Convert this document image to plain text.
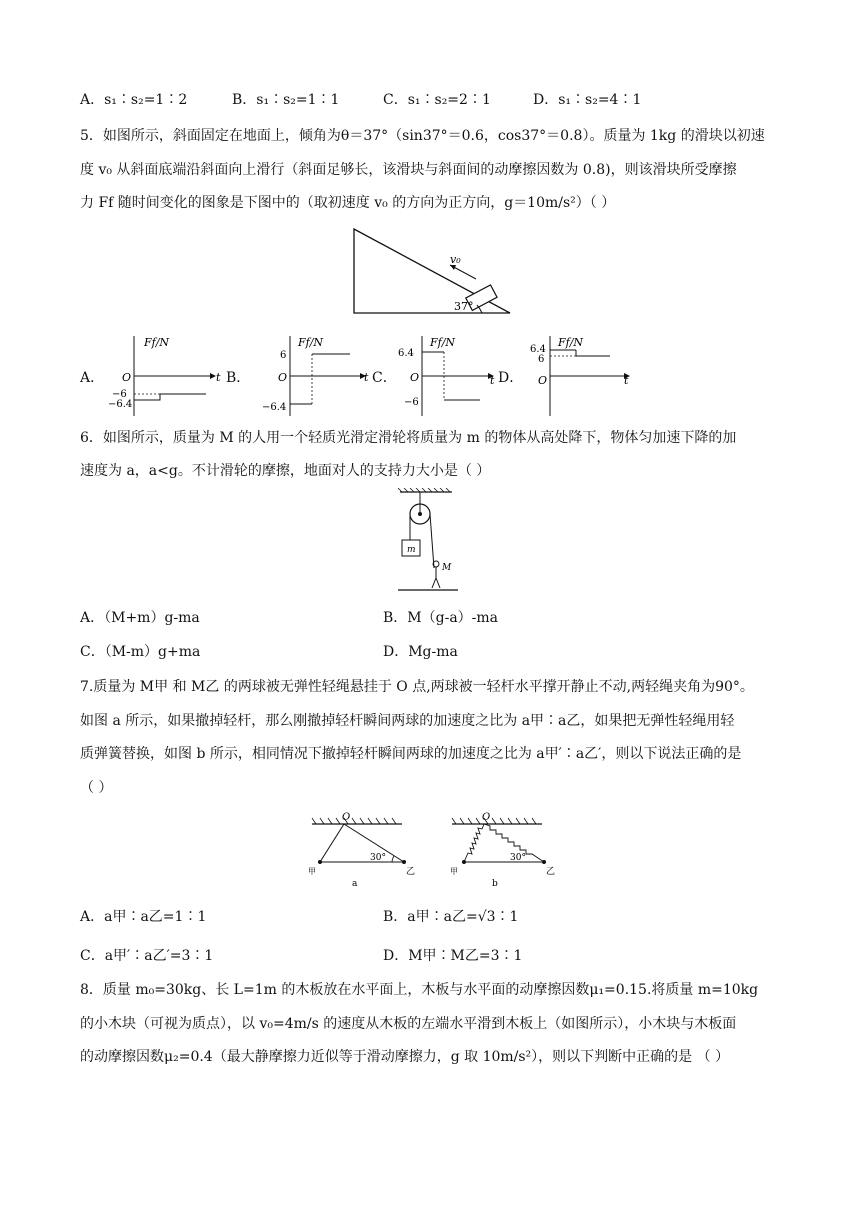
A．s₁∶s₂=1∶2	B．s₁∶s₂=1∶1	C．s₁∶s₂=2∶1	D．s₁∶s₂=4∶1
5．如图所示，斜面固定在地面上，倾角为θ＝37°（sin37°＝0.6，cos37°＝0.8）。质量为 1kg 的滑块以初速
度 v₀ 从斜面底端沿斜面向上滑行（斜面足够长，该滑块与斜面间的动摩擦因数为 0.8)，则该滑块所受摩擦
力 Ff 随时间变化的图象是下图中的（取初速度 v₀ 的方向为正方向，g＝10m/s²）（ ）
v₀
37°
A．
Ff/N
O	t
−6
−6.4
B．
Ff/N
O	t
6
−6.4
C．
Ff/N
O	t
6.4
−6
D．
Ff/N
O	t
6.4
6
6．如图所示，质量为 M 的人用一个轻质光滑定滑轮将质量为 m 的物体从高处降下，物体匀加速下降的加
速度为 a，a<g。不计滑轮的摩擦，地面对人的支持力大小是（ ）
m
M
A．（M+m）g-ma	B．M（g-a）-ma
C．（M-m）g+ma	D．Mg-ma
7.质量为 M甲 和 M乙 的两球被无弹性轻绳悬挂于 O 点,两球被一轻杆水平撑开静止不动,两轻绳夹角为90°。
如图 a 所示，如果撤掉轻杆，那么刚撤掉轻杆瞬间两球的加速度之比为 a甲∶a乙，如果把无弹性轻绳用轻
质弹簧替换，如图 b 所示，相同情况下撤掉轻杆瞬间两球的加速度之比为 a甲′∶a乙′，则以下说法正确的是
（ ）
O
30°
甲	乙
a
O
30°
甲	乙
b
A．a甲∶a乙=1∶1	B．a甲∶a乙=√3∶1
C．a甲′∶a乙′=3∶1	D．M甲∶M乙=3∶1
8．质量 m₀=30kg、长 L=1m 的木板放在水平面上，木板与水平面的动摩擦因数μ₁=0.15.将质量 m=10kg
的小木块（可视为质点），以 v₀=4m/s 的速度从木板的左端水平滑到木板上（如图所示），小木块与木板面
的动摩擦因数μ₂=0.4（最大静摩擦力近似等于滑动摩擦力，g 取 10m/s²），则以下判断中正确的是 （ ）
